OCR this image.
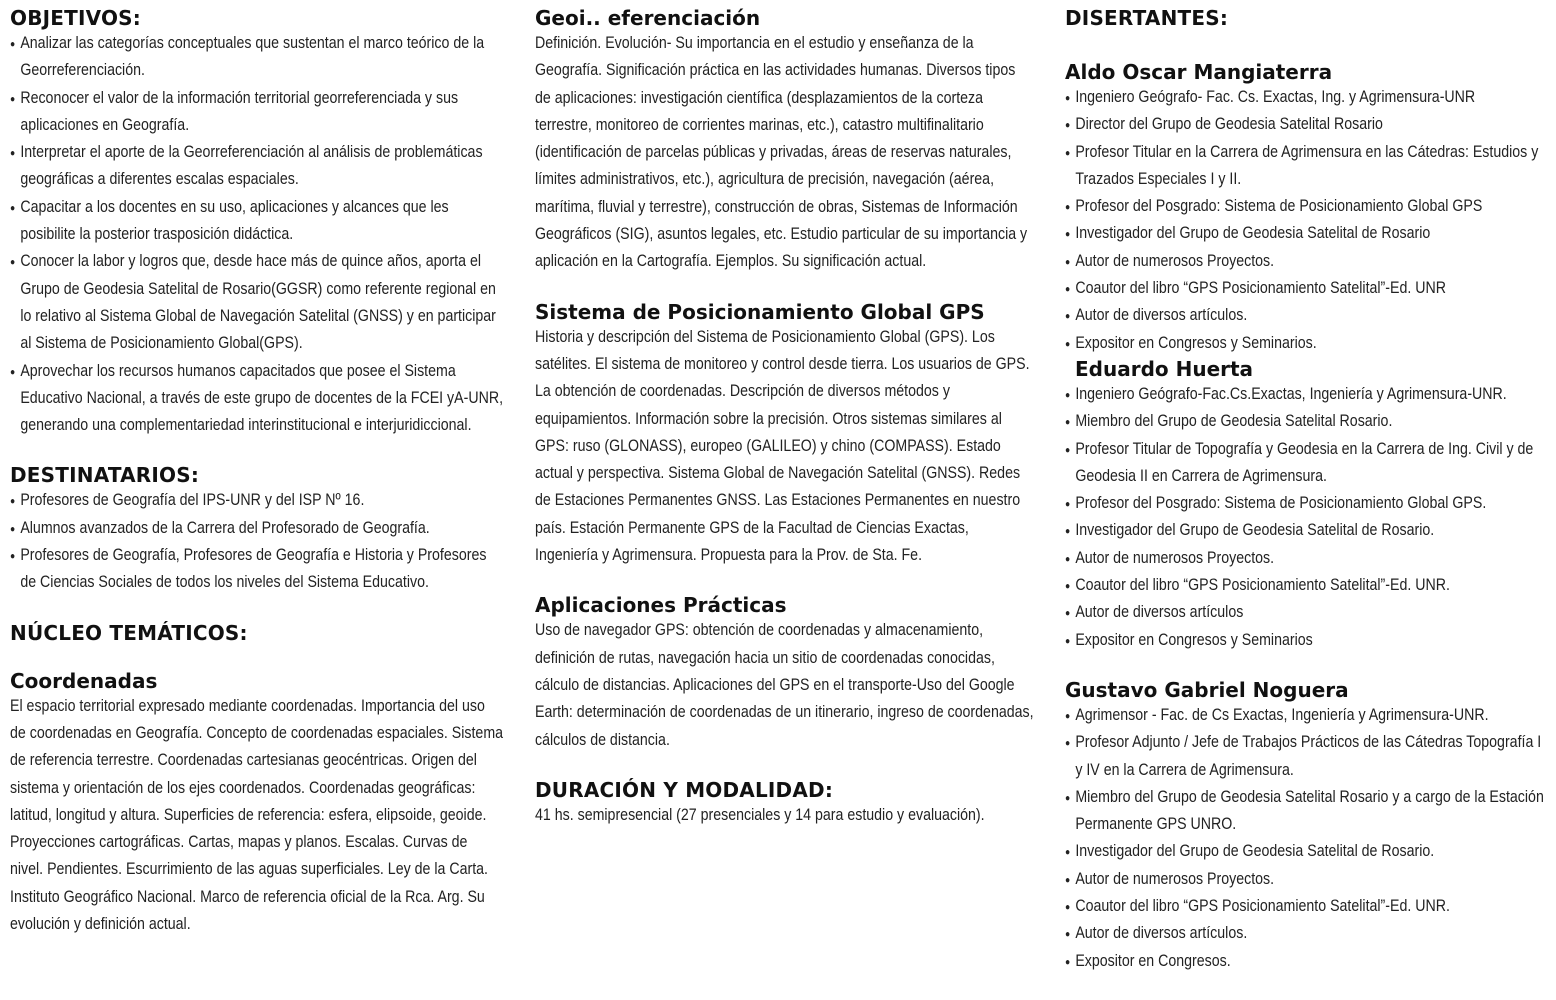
OBJETIVOS:
● Analizar las categorías conceptuales que sustentan el marco teórico de la Georreferenciación.
● Reconocer el valor de la información territorial georreferenciada y sus aplicaciones en Geografía.
● Interpretar el aporte de la Georreferenciación al análisis de problemáticas geográficas a diferentes escalas espaciales.
● Capacitar a los docentes en su uso, aplicaciones y alcances que les posibilite la posterior trasposición didáctica.
● Conocer la labor y logros que, desde hace más de quince años, aporta el Grupo de Geodesia Satelital de Rosario(GGSR) como referente regional en lo relativo al Sistema Global de Navegación Satelital (GNSS) y en participar al Sistema de Posicionamiento Global(GPS).
● Aprovechar los recursos humanos capacitados que posee el Sistema Educativo Nacional, a través de este grupo de docentes de la FCEI yA-UNR, generando una complementariedad interinstitucional e interjuridiccional.
DESTINATARIOS:
● Profesores de Geografía del IPS-UNR y del ISP Nº 16.
● Alumnos avanzados de la Carrera del Profesorado de Geografía.
● Profesores de Geografía, Profesores de Geografía e Historia y Profesores de Ciencias Sociales de todos los niveles del Sistema Educativo.
NÚCLEO TEMÁTICOS:
Coordenadas

El espacio territorial expresado mediante coordenadas. Importancia del uso de coordenadas en Geografía. Concepto de coordenadas espaciales. Sistema de referencia terrestre. Coordenadas cartesianas geocéntricas. Origen del sistema y orientación de los ejes coordenados. Coordenadas geográficas: latitud, longitud y altura. Superficies de referencia: esfera, elipsoide, geoide. Proyecciones cartográficas. Cartas, mapas y planos. Escalas. Curvas de nivel. Pendientes. Escurrimiento de las aguas superficiales. Ley de la Carta. Instituto Geográfico Nacional. Marco de referencia oficial de la Rca. Arg. Su evolución y definición actual.

Geoi.. eferenciación

Definición. Evolución- Su importancia en el estudio y enseñanza de la Geografía. Significación práctica en las actividades humanas. Diversos tipos de aplicaciones: investigación científica (desplazamientos de la corteza terrestre, monitoreo de corrientes marinas, etc.), catastro multifinalitario (identificación de parcelas públicas y privadas, áreas de reservas naturales, límites administrativos, etc.), agricultura de precisión, navegación (aérea, marítima, fluvial y terrestre), construcción de obras, Sistemas de Información Geográficos (SIG), asuntos legales, etc. Estudio particular de su importancia y aplicación en la Cartografía. Ejemplos. Su significación actual.

Sistema de Posicionamiento Global GPS

Historia y descripción del Sistema de Posicionamiento Global (GPS). Los satélites. El sistema de monitoreo y control desde tierra. Los usuarios de GPS. La obtención de coordenadas. Descripción de diversos métodos y equipamientos. Información sobre la precisión. Otros sistemas similares al GPS: ruso (GLONASS), europeo (GALILEO) y chino (COMPASS). Estado actual y perspectiva. Sistema Global de Navegación Satelital (GNSS). Redes de Estaciones Permanentes GNSS. Las Estaciones Permanentes en nuestro país. Estación Permanente GPS de la Facultad de Ciencias Exactas, Ingeniería y Agrimensura. Propuesta para la Prov. de Sta. Fe.

Aplicaciones Prácticas

Uso de navegador GPS: obtención de coordenadas y almacenamiento, definición de rutas, navegación hacia un sitio de coordenadas conocidas, cálculo de distancias. Aplicaciones del GPS en el transporte-Uso del Google Earth: determinación de coordenadas de un itinerario, ingreso de coordenadas, cálculos de distancia.

DURACIÓN Y MODALIDAD:

41 hs. semipresencial (27 presenciales y 14 para estudio y evaluación).

DISERTANTES:
Aldo Oscar Mangiaterra
● Ingeniero Geógrafo- Fac. Cs. Exactas, Ing. y Agrimensura-UNR
● Director del Grupo de Geodesia Satelital Rosario
● Profesor Titular en la Carrera de Agrimensura en las Cátedras: Estudios y Trazados Especiales I y II.
● Profesor del Posgrado: Sistema de Posicionamiento Global GPS
● Investigador del Grupo de Geodesia Satelital de Rosario
● Autor de numerosos Proyectos.
● Coautor del libro “GPS Posicionamiento Satelital”-Ed. UNR
● Autor de diversos artículos.
● Expositor en Congresos y Seminarios.
Eduardo Huerta
● Ingeniero Geógrafo-Fac.Cs.Exactas, Ingeniería y Agrimensura-UNR.
● Miembro del Grupo de Geodesia Satelital Rosario.
● Profesor Titular de Topografía y Geodesia en la Carrera de Ing. Civil y de Geodesia II en Carrera de Agrimensura.
● Profesor del Posgrado: Sistema de Posicionamiento Global GPS.
● Investigador del Grupo de Geodesia Satelital de Rosario.
● Autor de numerosos Proyectos.
● Coautor del libro “GPS Posicionamiento Satelital”-Ed. UNR.
● Autor de diversos artículos
● Expositor en Congresos y Seminarios
Gustavo Gabriel Noguera
● Agrimensor - Fac. de Cs Exactas, Ingeniería y Agrimensura-UNR.
● Profesor Adjunto / Jefe de Trabajos Prácticos de las Cátedras Topografía I y IV en la Carrera de Agrimensura.
● Miembro del Grupo de Geodesia Satelital Rosario y a cargo de la Estación Permanente GPS UNRO.
● Investigador del Grupo de Geodesia Satelital de Rosario.
● Autor de numerosos Proyectos.
● Coautor del libro “GPS Posicionamiento Satelital”-Ed. UNR.
● Autor de diversos artículos.
● Expositor en Congresos.
